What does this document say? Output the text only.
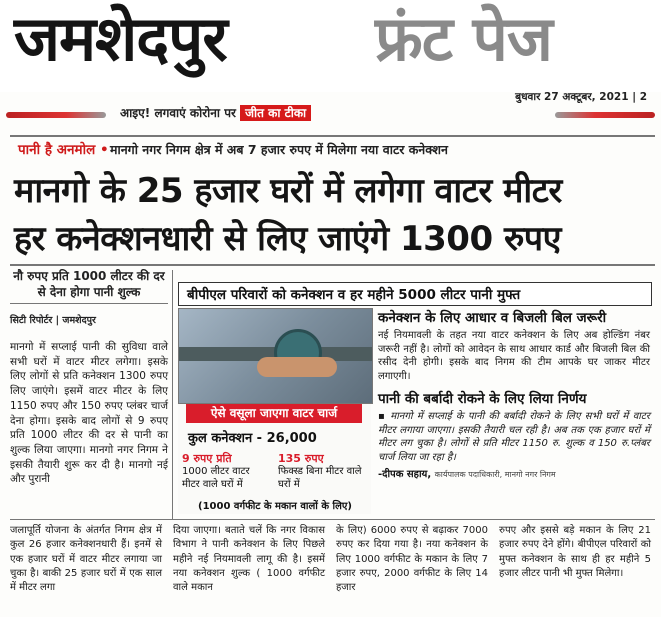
जमशेदपुर फ्रंट पेज
बुधवार 27 अक्टूबर, 2021 | 2
आइए! लगवाएं कोरोना पर जीत का टीका
पानी है अनमोल • मानगो नगर निगम क्षेत्र में अब 7 हजार रुपए में मिलेगा नया वाटर कनेक्शन
मानगो के 25 हजार घरों में लगेगा वाटर मीटर
हर कनेक्शनधारी से लिए जाएंगे 1300 रुपए
नौ रुपए प्रति 1000 लीटर की दर से देना होगा पानी शुल्क
सिटी रिपोर्टर | जमशेदपुर
मानगो में सप्लाई पानी की सुविधा वाले सभी घरों में वाटर मीटर लगेगा। इसके लिए लोगों से प्रति कनेक्शन 1300 रुपए लिए जाएंगे। इसमें वाटर मीटर के लिए 1150 रुपए और 150 रुपए प्लंबर चार्ज देना होगा। इसके बाद लोगों से 9 रुपए प्रति 1000 लीटर की दर से पानी का शुल्क लिया जाएगा। मानगो नगर निगम ने इसकी तैयारी शुरू कर दी है। मानगो नई और पुरानी
बीपीएल परिवारों को कनेक्शन व हर महीने 5000 लीटर पानी मुफ्त
ऐसे वसूला जाएगा वाटर चार्ज
कुल कनेक्शन - 26,000
9 रुपए प्रति
1000 लीटर वाटर मीटर वाले घरों में
135 रुपए
फिक्स्ड बिना मीटर वाले घरों में
(1000 वर्गफीट के मकान वालों के लिए)
कनेक्शन के लिए आधार व बिजली बिल जरूरी
नई नियमावली के तहत नया वाटर कनेक्शन के लिए अब होल्डिंग नंबर जरूरी नहीं है। लोगों को आवेदन के साथ आधार कार्ड और बिजली बिल की रसीद देनी होगी। इसके बाद निगम की टीम आपके घर जाकर मीटर लगाएगी।
पानी की बर्बादी रोकने के लिए लिया निर्णय
▪ मानगो में सप्लाई के पानी की बर्बादी रोकने के लिए सभी घरों में वाटर मीटर लगाया जाएगा। इसकी तैयारी चल रही है। अब तक एक हजार घरों में मीटर लग चुका है। लोगों से प्रति मीटर 1150 रु. शुल्क व 150 रु.प्लंबर चार्ज लिया जा रहा है।
-दीपक सहाय, कार्यपालक पदाधिकारी, मानगो नगर निगम
जलापूर्ति योजना के अंतर्गत निगम क्षेत्र में कुल 26 हजार कनेक्शनधारी हैं। इनमें से एक हजार घरों में वाटर मीटर लगाया जा चुका है। बाकी 25 हजार घरों में एक साल में मीटर लगा
दिया जाएगा। बताते चलें कि नगर विकास विभाग ने पानी कनेक्शन के लिए पिछले महीने नई नियमावली लागू की है। इसमें नया कनेक्शन शुल्क ( 1000 वर्गफीट वाले मकान
के लिए) 6000 रुपए से बढ़ाकर 7000 रुपए कर दिया गया है। नया कनेक्शन के लिए 1000 वर्गफीट के मकान के लिए 7 हजार रुपए, 2000 वर्गफीट के लिए 14 हजार
रुपए और इससे बड़े मकान के लिए 21 हजार रुपए देने होंगे। बीपीएल परिवारों को मुफ्त कनेक्शन के साथ ही हर महीने 5 हजार लीटर पानी भी मुफ्त मिलेगा।
